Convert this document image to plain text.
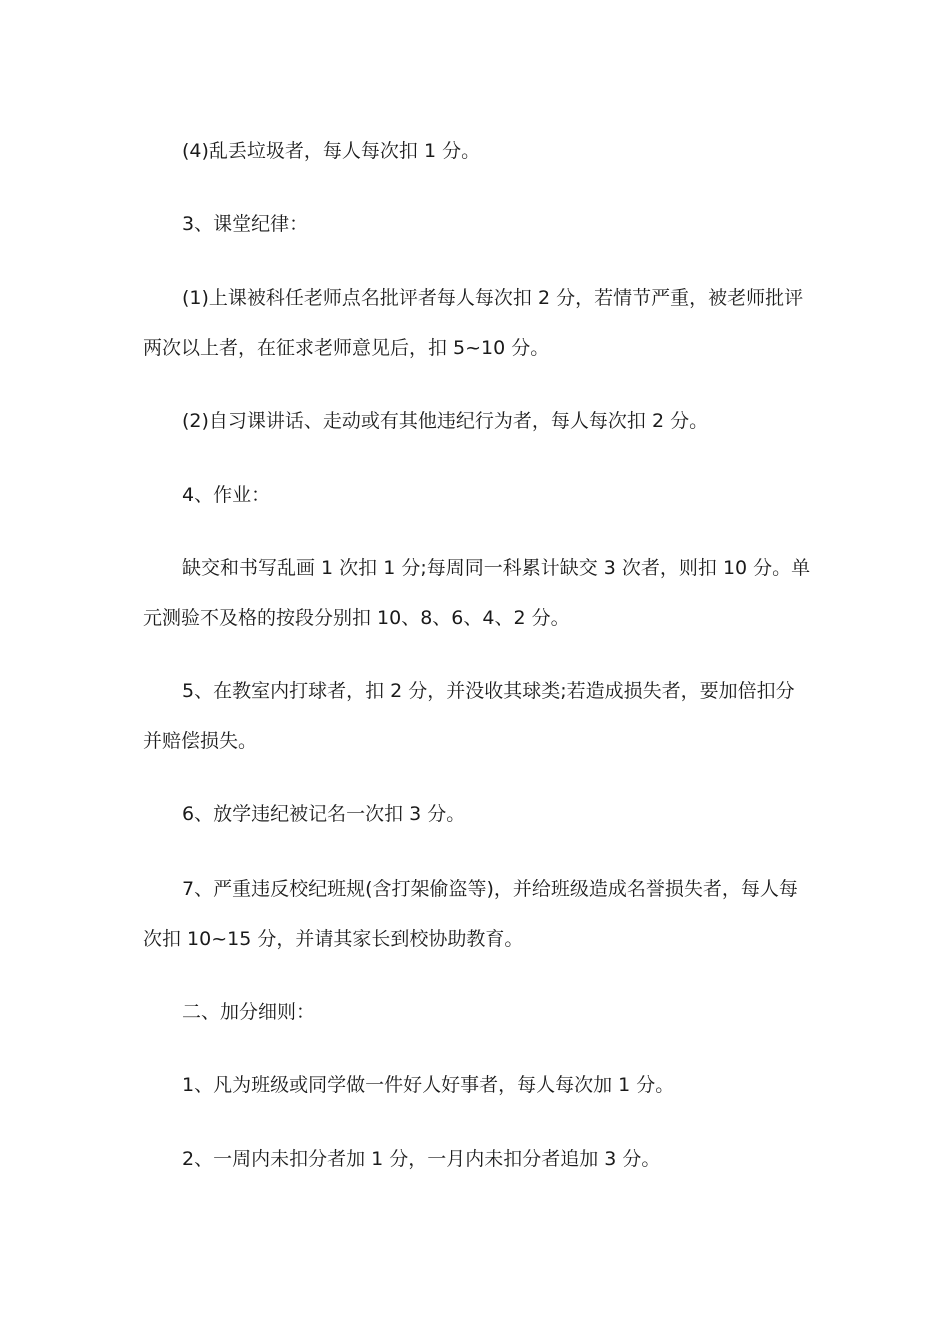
(4)乱丢垃圾者，每人每次扣 1 分。
3、课堂纪律：
(1)上课被科任老师点名批评者每人每次扣 2 分，若情节严重，被老师批评
两次以上者，在征求老师意见后，扣 5~10 分。
(2)自习课讲话、走动或有其他违纪行为者，每人每次扣 2 分。
4、作业：
缺交和书写乱画 1 次扣 1 分;每周同一科累计缺交 3 次者，则扣 10 分。单
元测验不及格的按段分别扣 10、8、6、4、2 分。
5、在教室内打球者，扣 2 分，并没收其球类;若造成损失者，要加倍扣分
并赔偿损失。
6、放学违纪被记名一次扣 3 分。
7、严重违反校纪班规(含打架偷盗等)，并给班级造成名誉损失者，每人每
次扣 10~15 分，并请其家长到校协助教育。
二、加分细则：
1、凡为班级或同学做一件好人好事者，每人每次加 1 分。
2、一周内未扣分者加 1 分，一月内未扣分者追加 3 分。
